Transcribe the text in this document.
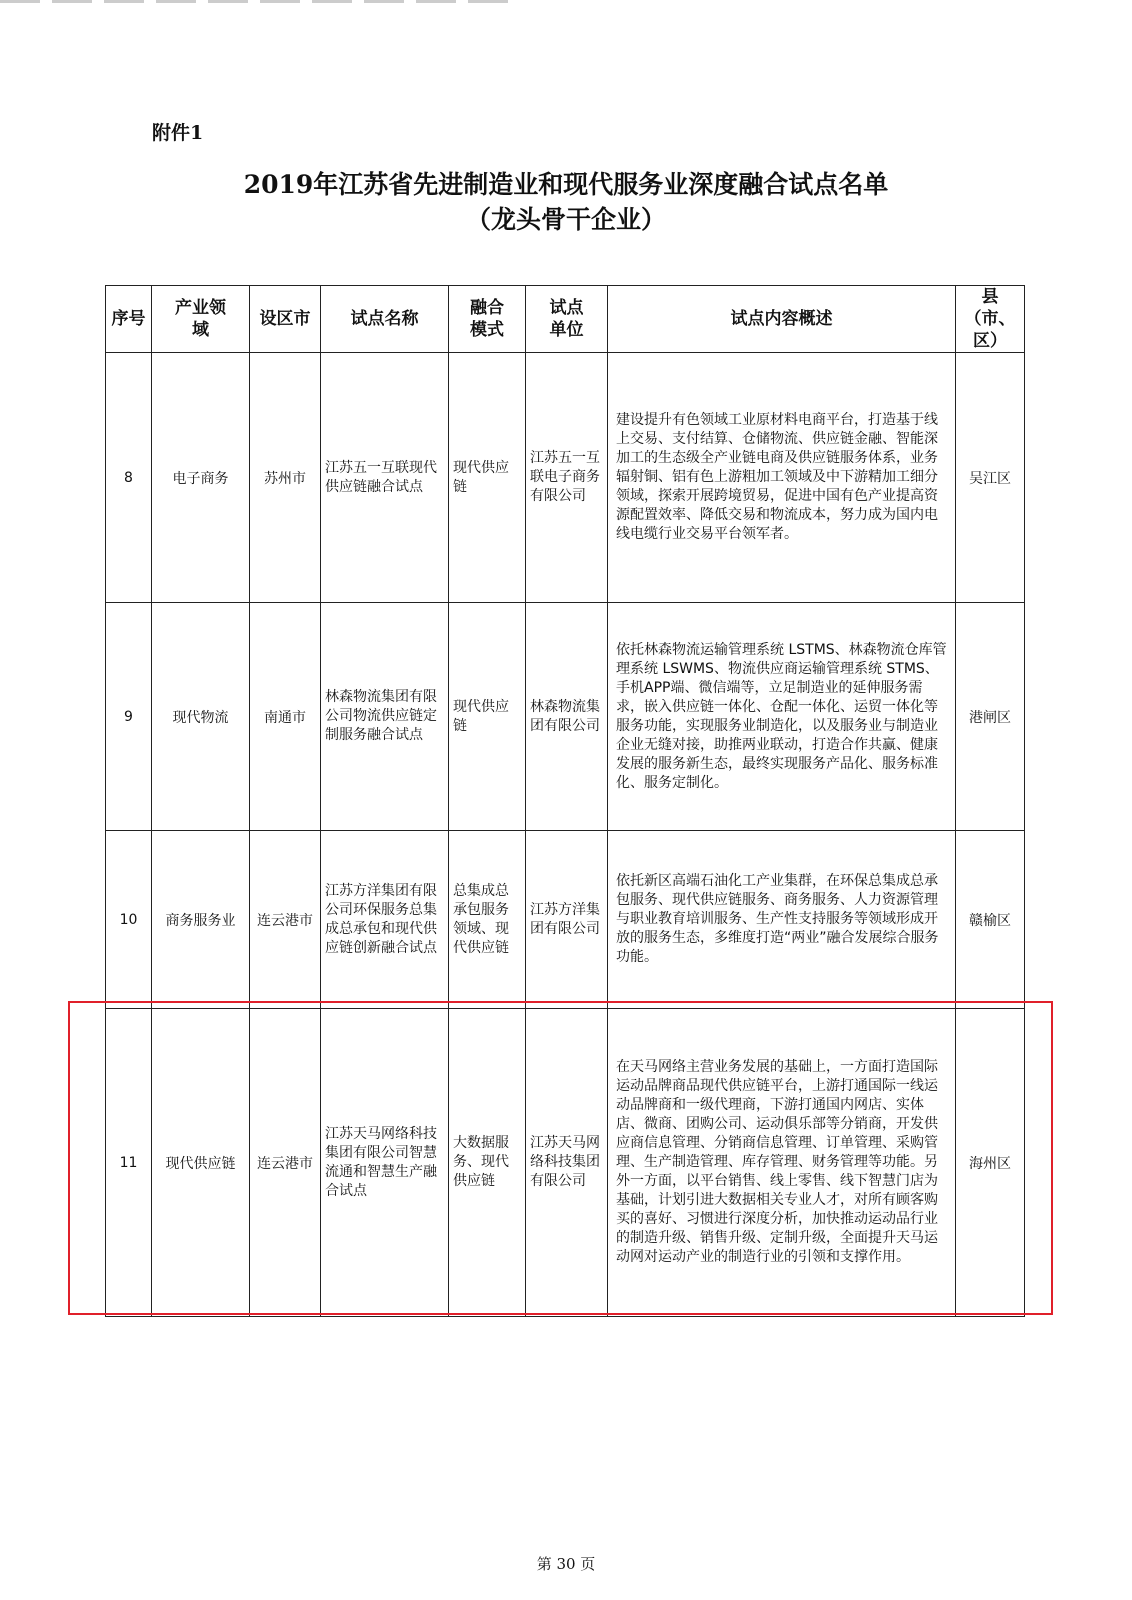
附件1
2019年江苏省先进制造业和现代服务业深度融合试点名单
（龙头骨干企业）
序号	产业领域	设区市	试点名称	融合模式	试点单位	试点内容概述	县（市、区）
8	电子商务	苏州市	江苏五一互联现代供应链融合试点	现代供应链	江苏五一互联电子商务有限公司	建设提升有色领域工业原材料电商平台，打造基于线上交易、支付结算、仓储物流、供应链金融、智能深加工的生态级全产业链电商及供应链服务体系，业务辐射铜、铝有色上游粗加工领域及中下游精加工细分领域，探索开展跨境贸易，促进中国有色产业提高资源配置效率、降低交易和物流成本，努力成为国内电线电缆行业交易平台领军者。	吴江区
9	现代物流	南通市	林森物流集团有限公司物流供应链定制服务融合试点	现代供应链	林森物流集团有限公司	依托林森物流运输管理系统 LSTMS、林森物流仓库管理系统 LSWMS、物流供应商运输管理系统 STMS、手机APP端、微信端等，立足制造业的延伸服务需求，嵌入供应链一体化、仓配一体化、运贸一体化等服务功能，实现服务业制造化，以及服务业与制造业企业无缝对接，助推两业联动，打造合作共赢、健康发展的服务新生态，最终实现服务产品化、服务标准化、服务定制化。	港闸区
10	商务服务业	连云港市	江苏方洋集团有限公司环保服务总集成总承包和现代供应链创新融合试点	总集成总承包服务领域、现代供应链	江苏方洋集团有限公司	依托新区高端石油化工产业集群，在环保总集成总承包服务、现代供应链服务、商务服务、人力资源管理与职业教育培训服务、生产性支持服务等领域形成开放的服务生态，多维度打造“两业”融合发展综合服务功能。	赣榆区
11	现代供应链	连云港市	江苏天马网络科技集团有限公司智慧流通和智慧生产融合试点	大数据服务、现代供应链	江苏天马网络科技集团有限公司	在天马网络主营业务发展的基础上，一方面打造国际运动品牌商品现代供应链平台，上游打通国际一线运动品牌商和一级代理商，下游打通国内网店、实体店、微商、团购公司、运动俱乐部等分销商，开发供应商信息管理、分销商信息管理、订单管理、采购管理、生产制造管理、库存管理、财务管理等功能。另外一方面，以平台销售、线上零售、线下智慧门店为基础，计划引进大数据相关专业人才，对所有顾客购买的喜好、习惯进行深度分析，加快推动运动品行业的制造升级、销售升级、定制升级，全面提升天马运动网对运动产业的制造行业的引领和支撑作用。	海州区
第 30 页
